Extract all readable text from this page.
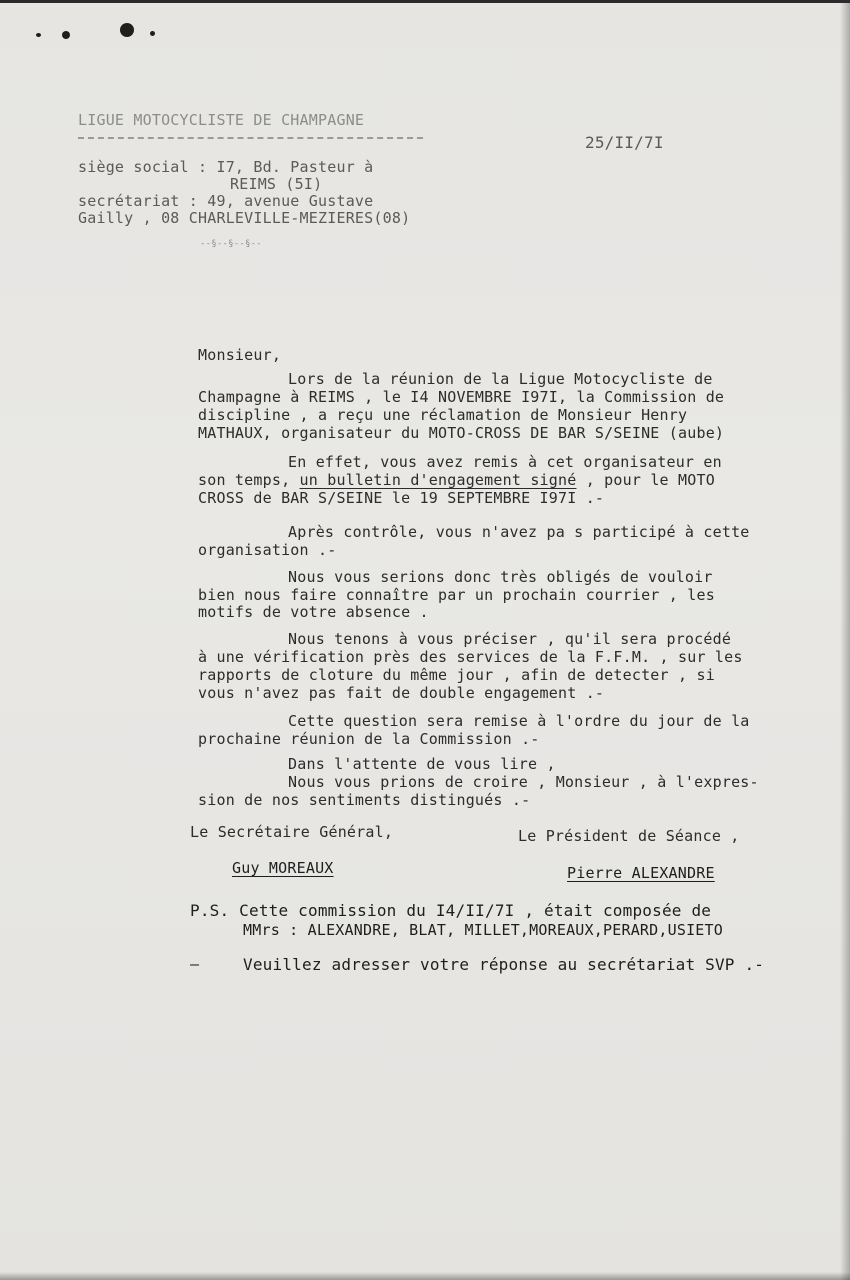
LIGUE MOTOCYCLISTE DE CHAMPAGNE
25/II/7I
siège social : I7, Bd. Pasteur à
REIMS (5I)
secrétariat : 49, avenue Gustave
Gailly , 08 CHARLEVILLE-MEZIERES(08)
--§--§--§--
Monsieur,
Lors de la réunion de la Ligue Motocycliste de
Champagne à REIMS , le I4 NOVEMBRE I97I, la Commission de
discipline , a reçu une réclamation de Monsieur Henry
MATHAUX, organisateur du MOTO-CROSS DE BAR S/SEINE (aube)
En effet, vous avez remis à cet organisateur en
son temps, un bulletin d'engagement signé , pour le MOTO
CROSS de BAR S/SEINE le 19 SEPTEMBRE I97I .-
Après contrôle, vous n'avez pa s participé à cette
organisation .-
Nous vous serions donc très obligés de vouloir
bien nous faire connaître par un prochain courrier , les
motifs de votre absence .
Nous tenons à vous préciser , qu'il sera procédé
à une vérification près des services de la F.F.M. , sur les
rapports de cloture du même jour , afin de detecter , si
vous n'avez pas fait de double engagement .-
Cette question sera remise à l'ordre du jour de la
prochaine réunion de la Commission .-
Dans l'attente de vous lire ,
Nous vous prions de croire , Monsieur , à l'expres-
sion de nos sentiments distingués .-
Le Secrétaire Général,	Le Président de Séance ,
Guy MOREAUX	Pierre ALEXANDRE
P.S. Cette commission du I4/II/7I , était composée de
MMrs : ALEXANDRE, BLAT, MILLET,MOREAUX,PERARD,USIETO
—	Veuillez adresser votre réponse au secrétariat SVP .-
